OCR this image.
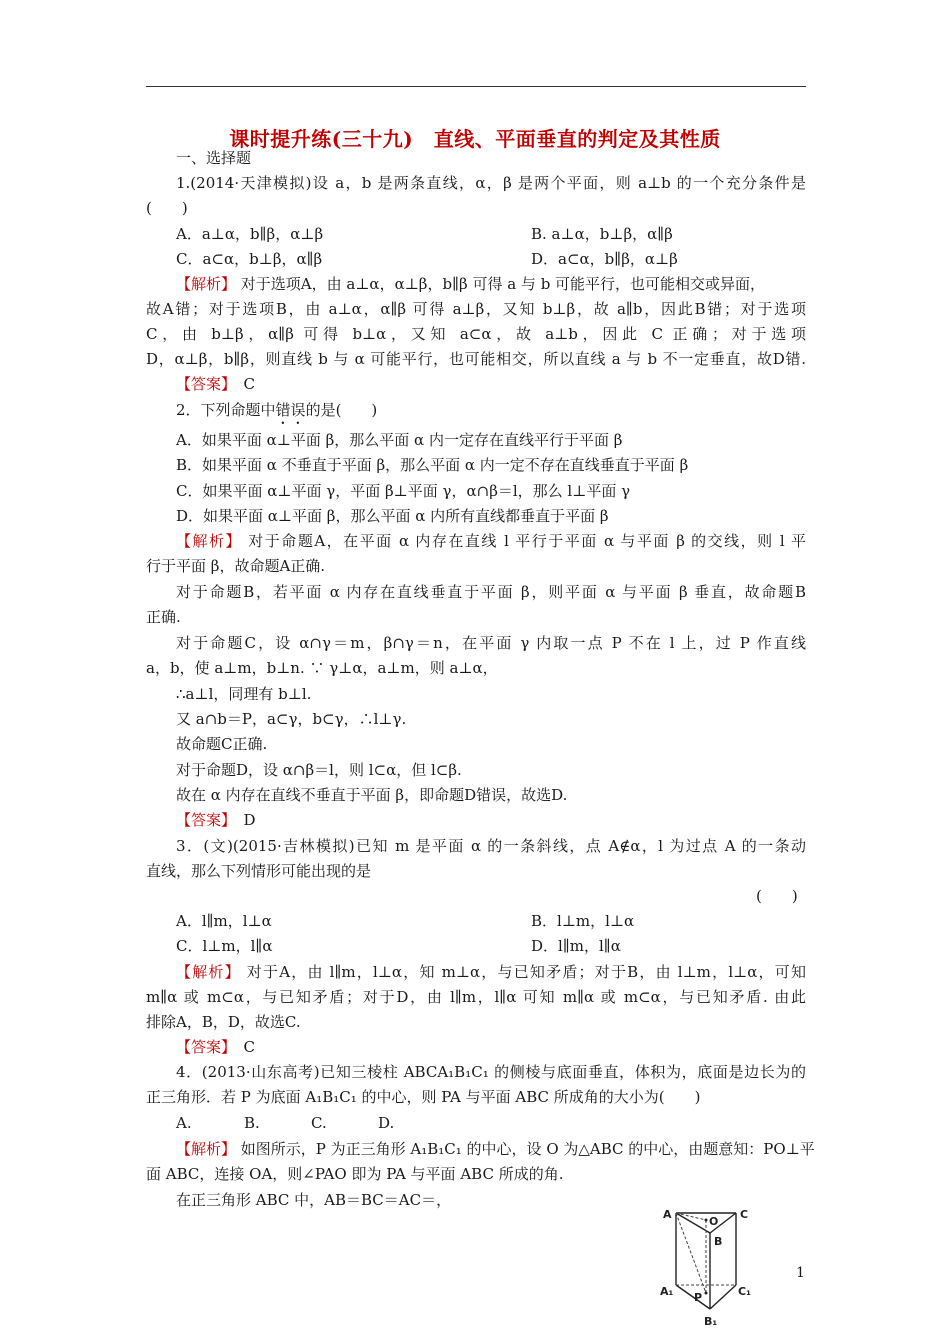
课时提升练(三十九)　直线、平面垂直的判定及其性质
一、选择题
1.(2014·天津模拟)设 a，b 是两条直线，α，β 是两个平面，则 a⊥b 的一个充分条件是
(　　)
A．a⊥α，b∥β，α⊥β	B. a⊥α，b⊥β，α∥β
C．a⊂α，b⊥β，α∥β	D．a⊂α，b∥β，α⊥β
【解析】 对于选项A，由 a⊥α，α⊥β，b∥β 可得 a 与 b 可能平行，也可能相交或异面，
故A错；对于选项B，由 a⊥α，α∥β 可得 a⊥β，又知 b⊥β，故 a∥b，因此B错；对于选项
C，由 b⊥β，α∥β 可得 b⊥α，又知 a⊂α，故 a⊥b，因此 C 正确；对于选项
D，α⊥β，b∥β，则直线 b 与 α 可能平行，也可能相交，所以直线 a 与 b 不一定垂直，故D错.
【答案】　 C
2．下列命题中错误的是(　　)
A．如果平面 α⊥平面 β，那么平面 α 内一定存在直线平行于平面 β
B．如果平面 α 不垂直于平面 β，那么平面 α 内一定不存在直线垂直于平面 β
C．如果平面 α⊥平面 γ，平面 β⊥平面 γ，α∩β＝l，那么 l⊥平面 γ
D．如果平面 α⊥平面 β，那么平面 α 内所有直线都垂直于平面 β
【解析】 对于命题A，在平面 α 内存在直线 l 平行于平面 α 与平面 β 的交线，则 l 平
行于平面 β，故命题A正确.
对于命题B，若平面 α 内存在直线垂直于平面 β，则平面 α 与平面 β 垂直，故命题B
正确.
对于命题C，设 α∩γ＝m，β∩γ＝n，在平面 γ 内取一点 P 不在 l 上，过 P 作直线
a，b，使 a⊥m，b⊥n. ∵ γ⊥α，a⊥m，则 a⊥α，
∴a⊥l，同理有 b⊥l.
又 a∩b＝P，a⊂γ，b⊂γ，∴l⊥γ.
故命题C正确.
对于命题D，设 α∩β＝l，则 l⊂α，但 l⊂β.
故在 α 内存在直线不垂直于平面 β，即命题D错误，故选D.
【答案】　 D
3．(文)(2015·吉林模拟)已知 m 是平面 α 的一条斜线，点 A∉α，l 为过点 A 的一条动
直线，那么下列情形可能出现的是
(　　)
A．l∥m，l⊥α	B．l⊥m，l⊥α
C．l⊥m，l∥α	D．l∥m，l∥α
【解析】 对于A，由 l∥m，l⊥α，知 m⊥α，与已知矛盾；对于B，由 l⊥m，l⊥α，可知
m∥α 或 m⊂α，与已知矛盾；对于D，由 l∥m，l∥α 可知 m∥α 或 m⊂α，与已知矛盾. 由此
排除A，B，D，故选C.
【答案】　 C
4．(2013·山东高考)已知三棱柱 ABCA₁B₁C₁ 的侧棱与底面垂直，体积为，底面是边长为的
正三角形．若 P 为底面 A₁B₁C₁ 的中心，则 PA 与平面 ABC 所成角的大小为(　　)
A.	B.	C.	D.
【解析】 如图所示，P 为正三角形 A₁B₁C₁ 的中心，设 O 为△ABC 的中心，由题意知：PO⊥平
面 ABC，连接 OA，则∠PAO 即为 PA 与平面 ABC 所成的角.
在正三角形 ABC 中，AB＝BC＝AC＝，
A
O
C
B
A₁ P	C₁
B₁
1
